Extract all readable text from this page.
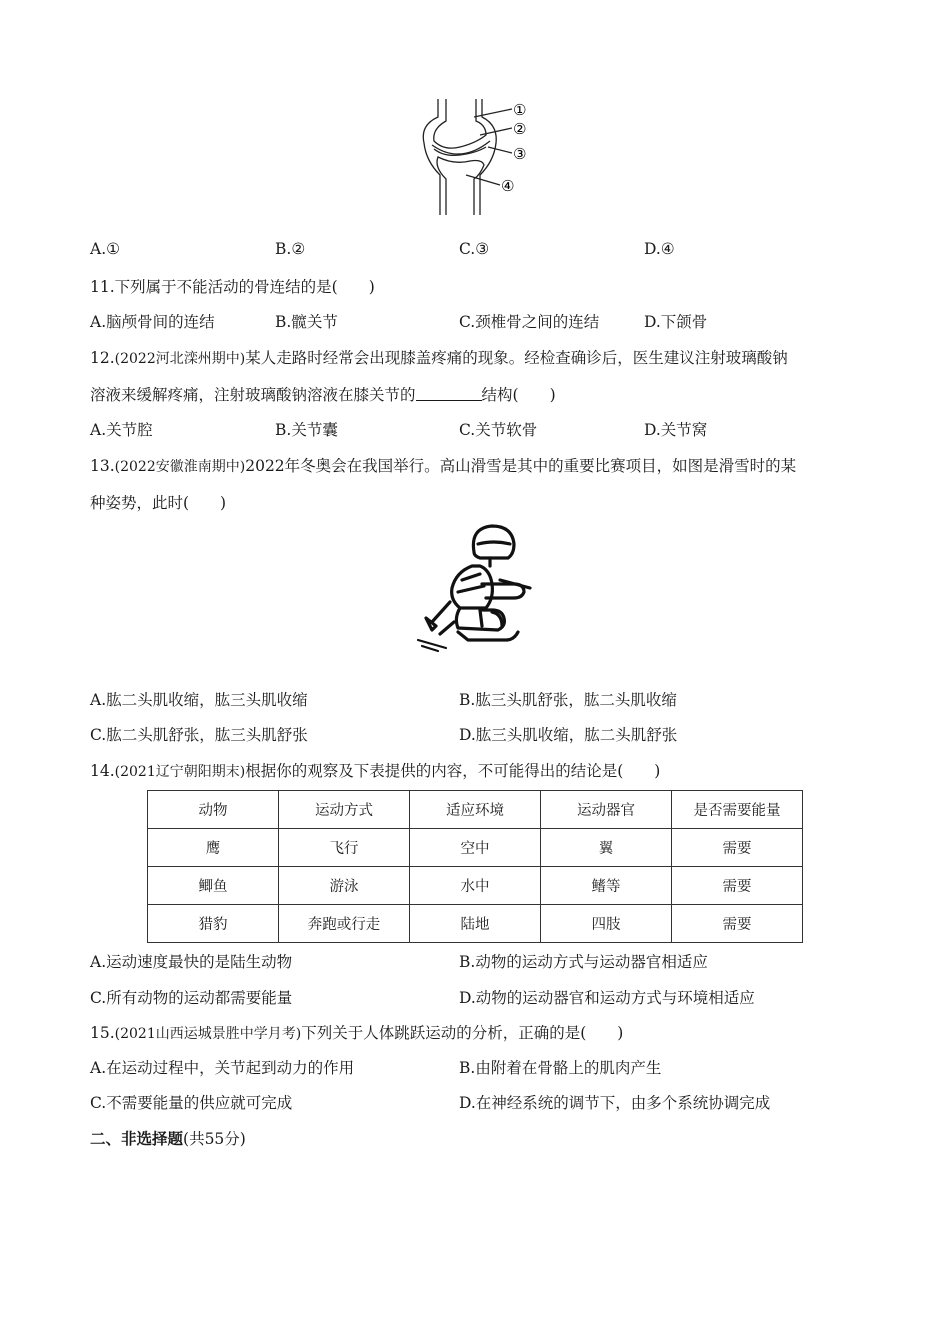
①
②
③
④
A.①	B.②	C.③	D.④
11.下列属于不能活动的骨连结的是(　　)
A.脑颅骨间的连结	B.髋关节	C.颈椎骨之间的连结	D.下颌骨
12.(2022河北滦州期中)某人走路时经常会出现膝盖疼痛的现象。经检查确诊后，医生建议注射玻璃酸钠
溶液来缓解疼痛，注射玻璃酸钠溶液在膝关节的	结构(　　)
A.关节腔	B.关节囊	C.关节软骨	D.关节窝
13.(2022安徽淮南期中)2022年冬奥会在我国举行。高山滑雪是其中的重要比赛项目，如图是滑雪时的某
种姿势，此时(　　)
A.肱二头肌收缩，肱三头肌收缩	B.肱三头肌舒张，肱二头肌收缩
C.肱二头肌舒张，肱三头肌舒张	D.肱三头肌收缩，肱二头肌舒张
14.(2021辽宁朝阳期末)根据你的观察及下表提供的内容，不可能得出的结论是(　　)
动物	运动方式	适应环境	运动器官	是否需要能量
鹰	飞行	空中	翼	需要
鲫鱼	游泳	水中	鳍等	需要
猎豹	奔跑或行走	陆地	四肢	需要
A.运动速度最快的是陆生动物	B.动物的运动方式与运动器官相适应
C.所有动物的运动都需要能量	D.动物的运动器官和运动方式与环境相适应
15.(2021山西运城景胜中学月考)下列关于人体跳跃运动的分析，正确的是(　　)
A.在运动过程中，关节起到动力的作用	B.由附着在骨骼上的肌肉产生
C.不需要能量的供应就可完成	D.在神经系统的调节下，由多个系统协调完成
二、非选择题(共55分)
